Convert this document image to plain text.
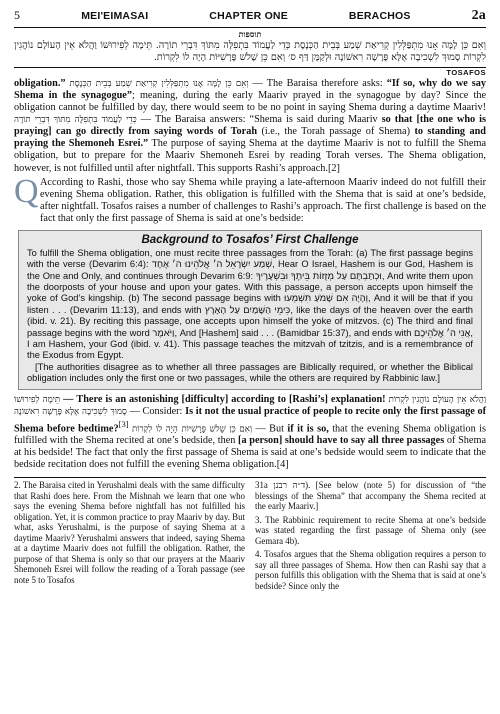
5	MEI'EIMASAI	CHAPTER ONE	BERACHOS	2a
תוספות
וְאִם כֵּן לָמָּה אָנוּ מִתְפַּלְּלִין קְרִיאַת שְׁמַע בְּבֵית הַכְּנֶסֶת כְּדֵי לַעֲמוֹד בִּתְפִלָּה מִתּוֹךְ דִּבְרֵי תוֹרָה. תֵּימָה לְפִירוּשׁוֹ וַהֲלֹא אֵין הָעוֹלָם נוֹהֲגִין לִקְרוֹת סָמוּךְ לִשְׁכִיבָה אֶלָּא פָּרָשָׁה רִאשׁוֹנָה וּלְקַמָּן דַּף ס׳ וְאִם כֵּן שָׁלֹשׁ פָּרָשִׁיּוֹת הָיָה לוֹ לִקְרוֹת.
TOSAFOS

obligation.” וְאִם כֵּן לָמָּה אָנוּ מִתְפַּלְּלִין קְרִיאַת שְׁמַע בְּבֵית הַכְּנֶסֶת — The Baraisa therefore asks: “If so, why do we say Shema in the synagogue”; meaning, during the early Maariv prayed in the synagogue by day? Since the obligation cannot be fulfilled by day, there would seem to be no point in saying Shema during a daytime Maariv! כְּדֵי לַעֲמוֹד בִּתְפִלָּה מִתּוֹךְ דִּבְרֵי תוֹרָה — The Baraisa answers: “Shema is said during Maariv so that [the one who is praying] can go directly from saying words of Torah (i.e., the Torah passage of Shema) to standing and praying the Shemoneh Esrei.” The purpose of saying Shema at the daytime Maariv is not to fulfill the Shema obligation, but to prepare for the Maariv Shemoneh Esrei by reading Torah verses. The Shema obligation, however, is not fulfilled until after nightfall. This supports Rashi’s approach.[2]

Q According to Rashi, those who say Shema while praying a late-afternoon Maariv indeed do not fulfill their evening Shema obligation. Rather, this obligation is fulfilled with the Shema that is said at one’s bedside, after nightfall. Tosafos raises a number of challenges to Rashi’s approach. The first challenge is based on the fact that only the first passage of Shema is said at one’s bedside:

Background to Tosafos’ First Challenge

To fulfill the Shema obligation, one must recite three passages from the Torah: (a) The first passage begins with the verse (Devarim 6:4): שְׁמַע יִשְׂרָאֵל ה׳ אֱלֹהֵינוּ ה׳ אֶחָד, Hear O Israel, Hashem is our God, Hashem is the One and Only, and continues through Devarim 6:9: וּכְתַבְתָּם עַל מְזֻזוֹת בֵּיתֶךָ וּבִשְׁעָרֶיךָ, And write them upon the doorposts of your house and upon your gates. With this passage, a person accepts upon himself the yoke of God’s kingship. (b) The second passage begins with וְהָיָה אִם שָׁמֹעַ תִּשְׁמְעוּ, And it will be that if you listen . . . (Devarim 11:13), and ends with כִּימֵי הַשָּׁמַיִם עַל הָאָרֶץ, like the days of the heaven over the earth (ibid. v. 21). By reciting this passage, one accepts upon himself the yoke of mitzvos. (c) The third and final passage begins with the word וַיֹּאמֶר, And [Hashem] said . . . (Bamidbar 15:37), and ends with אֲנִי ה׳ אֱלֹהֵיכֶם, I am Hashem, your God (ibid. v. 41). This passage teaches the mitzvah of tzitzis, and is a remembrance of the Exodus from Egypt.

[The authorities disagree as to whether all three passages are Biblically required, or whether the Biblical obligation includes only the first one or two passages, while the others are required by Rabbinic law.]

תֵּימָה לְפִירוּשׁוֹ — There is an astonishing [difficulty] according to [Rashi’s] explanation! וַהֲלֹא אֵין הָעוֹלָם נוֹהֲגִין לִקְרוֹת סָמוּךְ לִשְׁכִיבָה אֶלָּא פָּרָשָׁה רִאשׁוֹנָה — Consider: Is it not the usual practice of people to recite only the first passage of Shema before bedtime?[3] וְאִם כֵּן שָׁלֹשׁ פָּרָשִׁיּוֹת הָיָה לוֹ לִקְרוֹת — But if it is so, that the evening Shema obligation is fulfilled with the Shema recited at one’s bedside, then [a person] should have to say all three passages of Shema at his bedside! The fact that only the first passage of Shema is said at one’s bedside would seem to indicate that the bedside recitation does not fulfill the evening Shema obligation.[4]

2. The Baraisa cited in Yerushalmi deals with the same difficulty that Rashi does here. From the Mishnah we learn that one who says the evening Shema before nightfall has not fulfilled his obligation. Yet, it is common practice to pray Maariv by day. But what, asks Yerushalmi, is the purpose of saying Shema at a daytime Maariv? Yerushalmi answers that indeed, saying Shema at a daytime Maariv does not fulfill the obligation. Rather, the purpose of that Shema is only so that our prayers at the Maariv Shemoneh Esrei will follow the reading of a Torah passage (see note 5 to Tosafos

31a ד״ה רבנן). [See below (note 5) for discussion of “the blessings of the Shema” that accompany the Shema recited at the early Maariv.]

3. The Rabbinic requirement to recite Shema at one’s bedside was stated regarding the first passage of Shema only (see Gemara 4b).

4. Tosafos argues that the Shema obligation requires a person to say all three passages of Shema. How then can Rashi say that a person fulfills this obligation with the Shema that is said at one’s bedside? Since only the
